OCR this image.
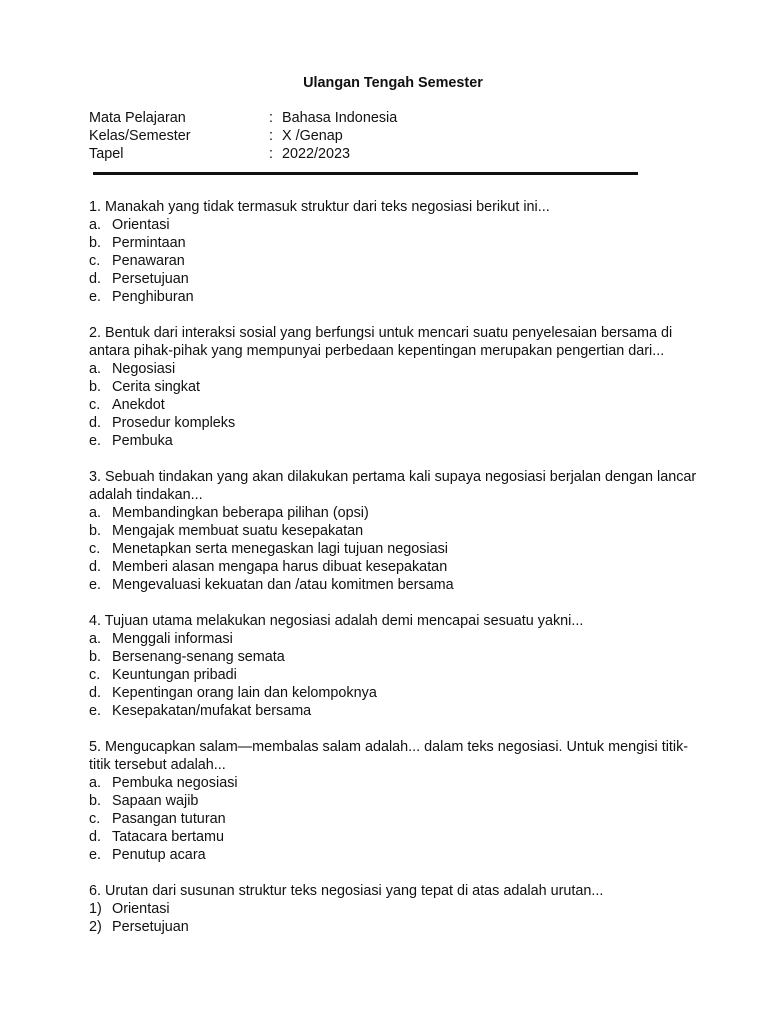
Ulangan Tengah Semester
Mata Pelajaran	: Bahasa Indonesia
Kelas/Semester	: X /Genap
Tapel	: 2022/2023
1. Manakah yang tidak termasuk struktur dari teks negosiasi berikut ini...
a. Orientasi
b. Permintaan
c. Penawaran
d. Persetujuan
e. Penghiburan
2. Bentuk dari interaksi sosial yang berfungsi untuk mencari suatu penyelesaian bersama di antara pihak-pihak yang mempunyai perbedaan kepentingan merupakan pengertian dari...
a. Negosiasi
b. Cerita singkat
c. Anekdot
d. Prosedur kompleks
e. Pembuka
3. Sebuah tindakan yang akan dilakukan pertama kali supaya negosiasi berjalan dengan lancar adalah tindakan...
a. Membandingkan beberapa pilihan (opsi)
b. Mengajak membuat suatu kesepakatan
c. Menetapkan serta menegaskan lagi tujuan negosiasi
d. Memberi alasan mengapa harus dibuat kesepakatan
e. Mengevaluasi kekuatan dan /atau komitmen bersama
4. Tujuan utama melakukan negosiasi adalah demi mencapai sesuatu yakni...
a. Menggali informasi
b. Bersenang-senang semata
c. Keuntungan pribadi
d. Kepentingan orang lain dan kelompoknya
e. Kesepakatan/mufakat bersama
5. Mengucapkan salam—membalas salam adalah... dalam teks negosiasi. Untuk mengisi titik-titik tersebut adalah...
a. Pembuka negosiasi
b. Sapaan wajib
c. Pasangan tuturan
d. Tatacara bertamu
e. Penutup acara
6. Urutan dari susunan struktur teks negosiasi yang tepat di atas adalah urutan...
1) Orientasi
2) Persetujuan
